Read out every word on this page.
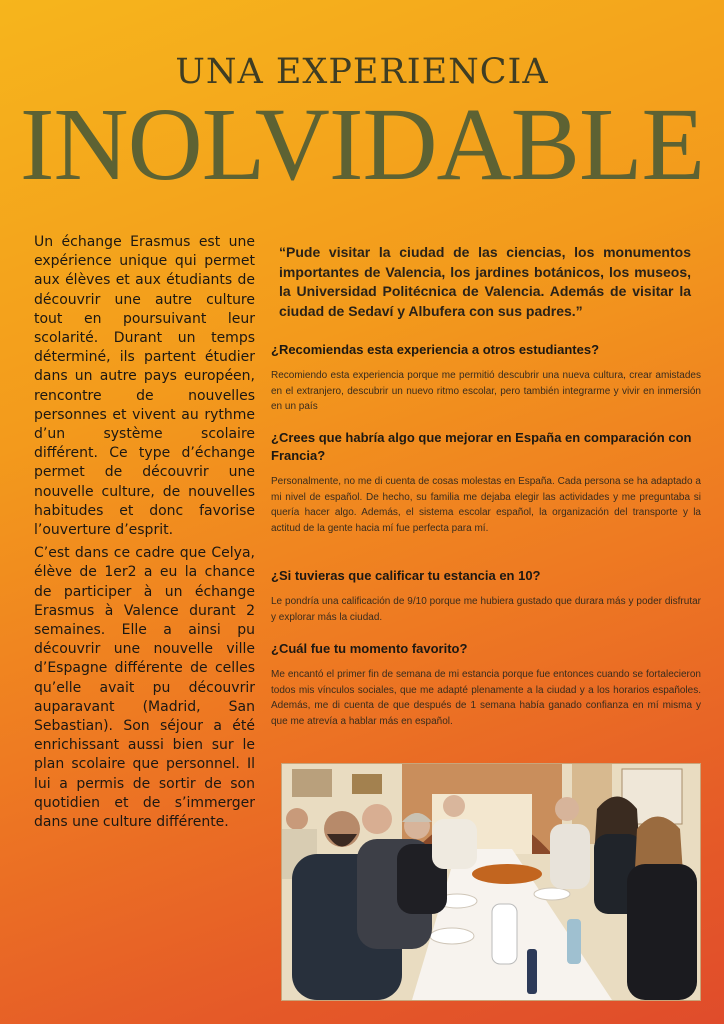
UNA EXPERIENCIA
INOLVIDABLE

Un échange Erasmus est une expérience unique qui permet aux élèves et aux étudiants de découvrir une autre culture tout en poursuivant leur scolarité. Durant un temps déterminé, ils partent étudier dans un autre pays européen, rencontre de nouvelles personnes et vivent au rythme d’un système scolaire différent. Ce type d’échange permet de découvrir une nouvelle culture, de nouvelles habitudes et donc favorise l’ouverture d’esprit.

C’est dans ce cadre que Celya, élève de 1er2 a eu la chance de participer à un échange Erasmus à Valence durant 2 semaines. Elle a ainsi pu découvrir une nouvelle ville d’Espagne différente de celles qu’elle avait pu découvrir auparavant (Madrid, San Sebastian). Son séjour a été enrichissant aussi bien sur le plan scolaire que personnel. Il lui a permis de sortir de son quotidien et de s’immerger dans une culture différente.

“Pude visitar la ciudad de las ciencias, los monumentos importantes de Valencia, los jardines botánicos, los museos, la Universidad Politécnica de Valencia. Además de visitar la ciudad de Sedaví y Albufera con sus padres.”

¿Recomiendas esta experiencia a otros estudiantes?

Recomiendo esta experiencia porque me permitió descubrir una nueva cultura, crear amistades en el extranjero, descubrir un nuevo ritmo escolar, pero también integrarme y vivir en inmersión en un país

¿Crees que habría algo que mejorar en España en comparación con Francia?

Personalmente, no me di cuenta de cosas molestas en España. Cada persona se ha adaptado a mi nivel de español. De hecho, su familia me dejaba elegir las actividades y me preguntaba si quería hacer algo. Además, el sistema escolar español, la organización del transporte y la actitud de la gente hacia mí fue perfecta para mí.

¿Si tuvieras que calificar tu estancia en 10?

Le pondría una calificación de 9/10 porque me hubiera gustado que durara más y poder disfrutar y explorar más la ciudad.

¿Cuál fue tu momento favorito?

Me encantó el primer fin de semana de mi estancia porque fue entonces cuando se fortalecieron todos mis vínculos sociales, que me adapté plenamente a la ciudad y a los horarios españoles. Además, me di cuenta de que después de 1 semana había ganado confianza en mí misma y que me atrevía a hablar más en español.
